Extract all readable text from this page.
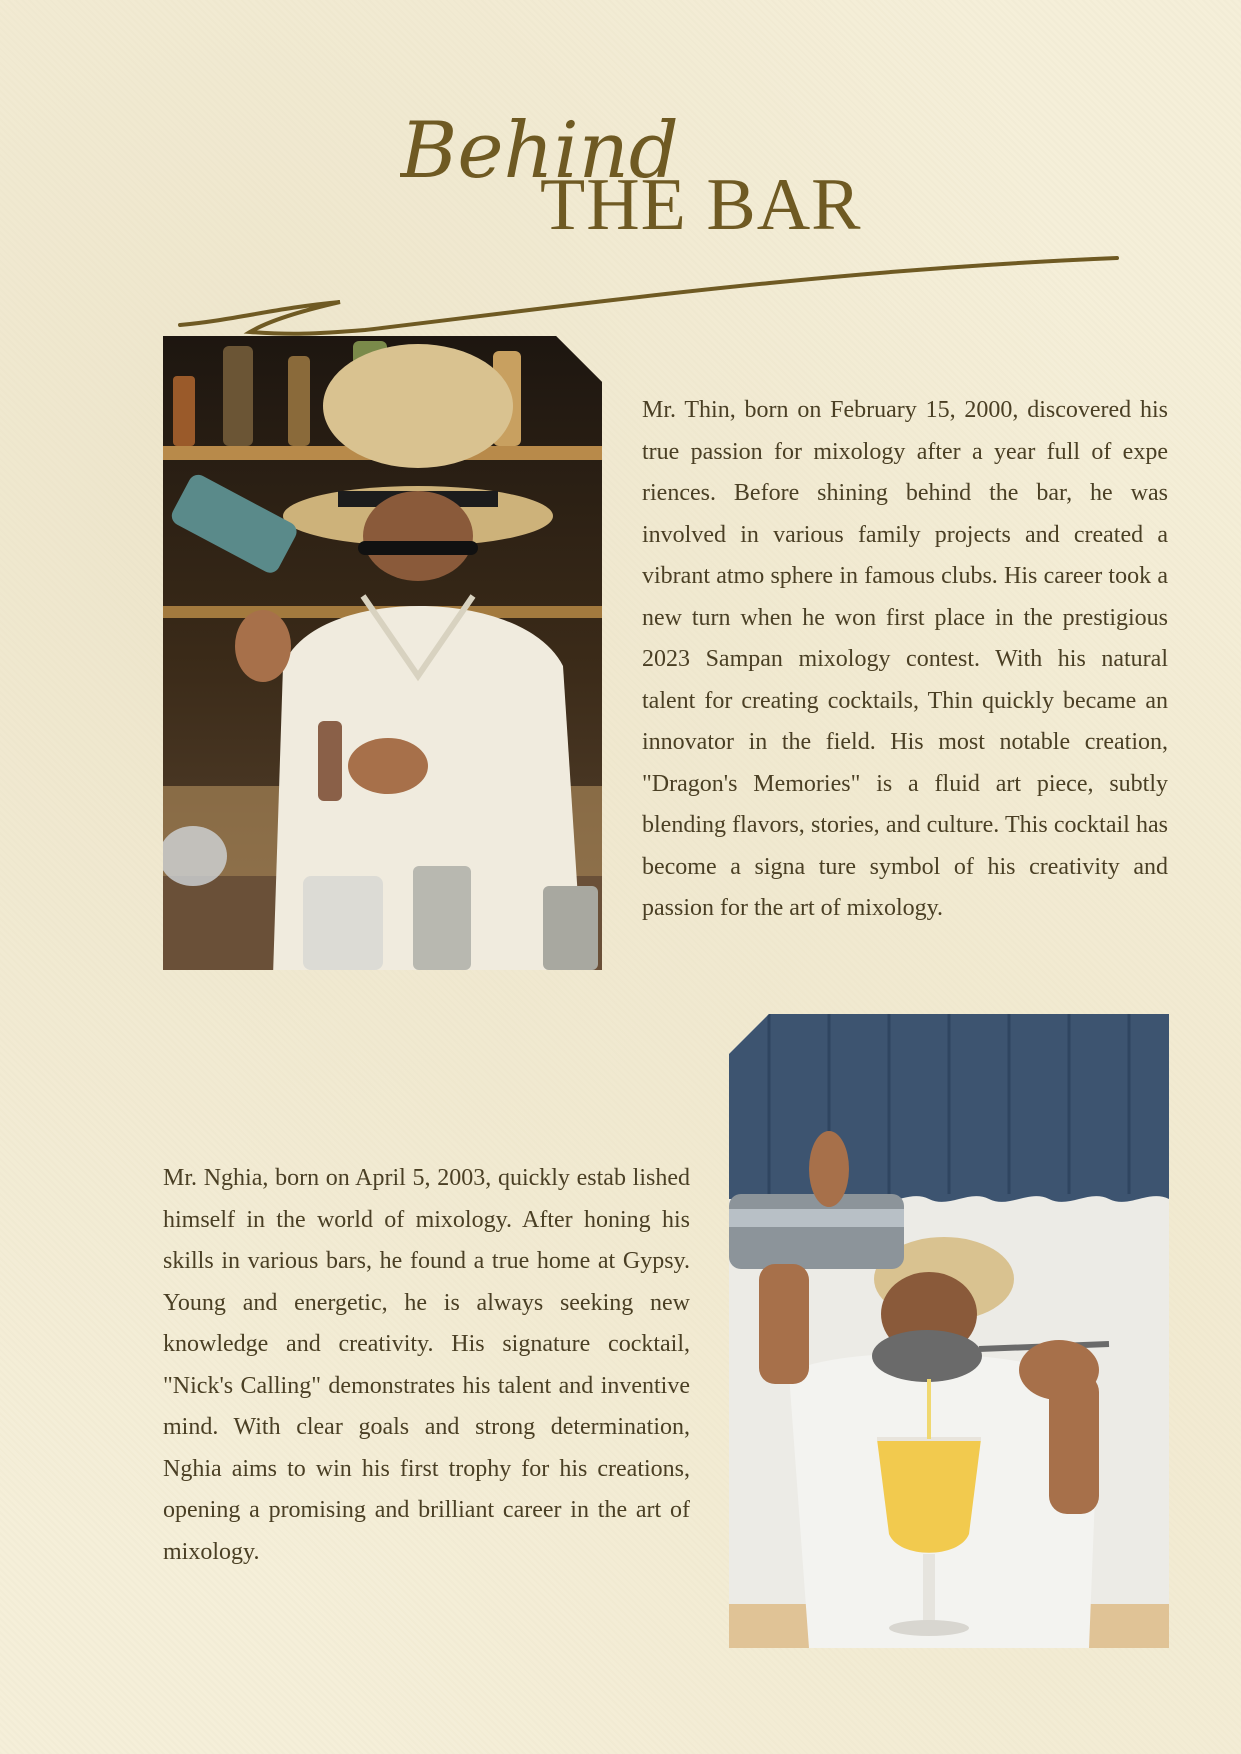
Behind
THE BAR

Mr. Thin, born on February 15, 2000, discovered his true passion for mixology after a year full of expe riences. Before shining behind the bar, he was involved in various family projects and created a vibrant atmo sphere in famous clubs. His career took a new turn when he won first place in the prestigious 2023 Sampan mixology contest. With his natural talent for creating cocktails, Thin quickly became an innovator in the field. His most notable creation, "Dragon's Memories" is a fluid art piece, subtly blending flavors, stories, and culture. This cocktail has become a signa ture symbol of his creativity and passion for the art of mixology.

Mr. Nghia, born on April 5, 2003, quickly estab lished himself in the world of mixology. After honing his skills in various bars, he found a true home at Gypsy. Young and energetic, he is always seeking new knowledge and creativity. His signature cocktail, "Nick's Calling" demonstrates his talent and inventive mind. With clear goals and strong determination, Nghia aims to win his first trophy for his creations, opening a promising and brilliant career in the art of mixology.
